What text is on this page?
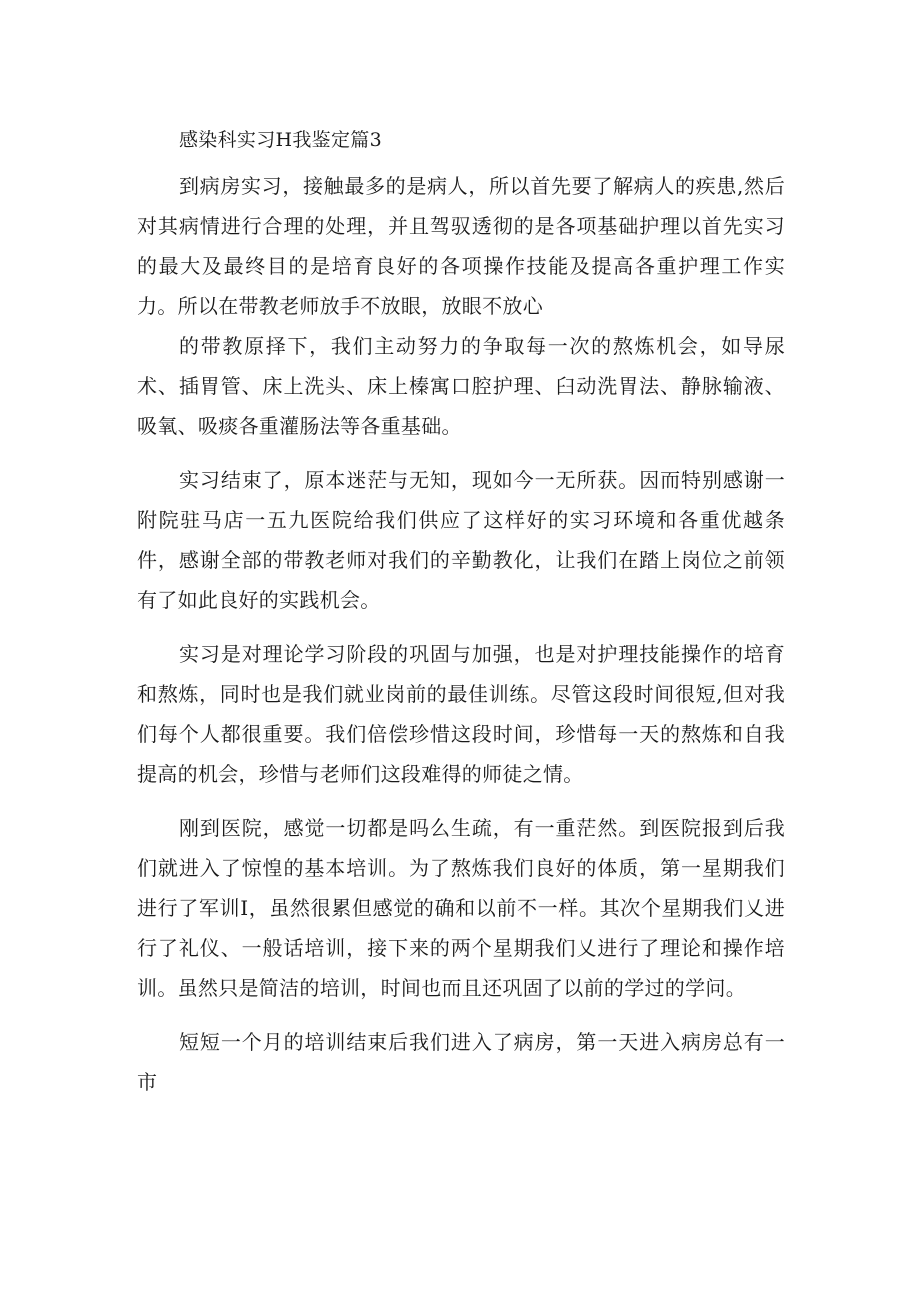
感染科实习H我鉴定篇3

到病房实习，接触最多的是病人，所以首先要了解病人的疾患,然后对其病情进行合理的处理，并且驾驭透彻的是各项基础护理以首先实习的最大及最终目的是培育良好的各项操作技能及提高各重护理工作实力。所以在带教老师放手不放眼，放眼不放心

的带教原择下，我们主动努力的争取每一次的熬炼机会，如导尿术、插胃管、床上洗头、床上榛寓口腔护理、臼动洗胃法、静脉输液、吸氧、吸痰各重灌肠法等各重基础。

实习结束了，原本迷茫与无知，现如今一无所获。因而特别感谢一附院驻马店一五九医院给我们供应了这样好的实习环境和各重优越条件，感谢全部的带教老师对我们的辛勤教化，让我们在踏上岗位之前领有了如此良好的实践机会。

实习是对理论学习阶段的巩固与加强，也是对护理技能操作的培育和熬炼，同时也是我们就业岗前的最佳训练。尽管这段时间很短,但对我们每个人都很重要。我们倍偿珍惜这段时间，珍惜每一天的熬炼和自我提高的机会，珍惜与老师们这段难得的师徒之情。

刚到医院，感觉一切都是吗么生疏，有一重茫然。到医院报到后我们就进入了惊惶的基本培训。为了熬炼我们良好的体质，第一星期我们进行了军训I，虽然很累但感觉的确和以前不一样。其次个星期我们乂进行了礼仪、一般话培训，接下来的两个星期我们乂进行了理论和操作培训。虽然只是简洁的培训，时间也而且还巩固了以前的学过的学问。

短短一个月的培训结束后我们进入了病房，第一天进入病房总有一市
